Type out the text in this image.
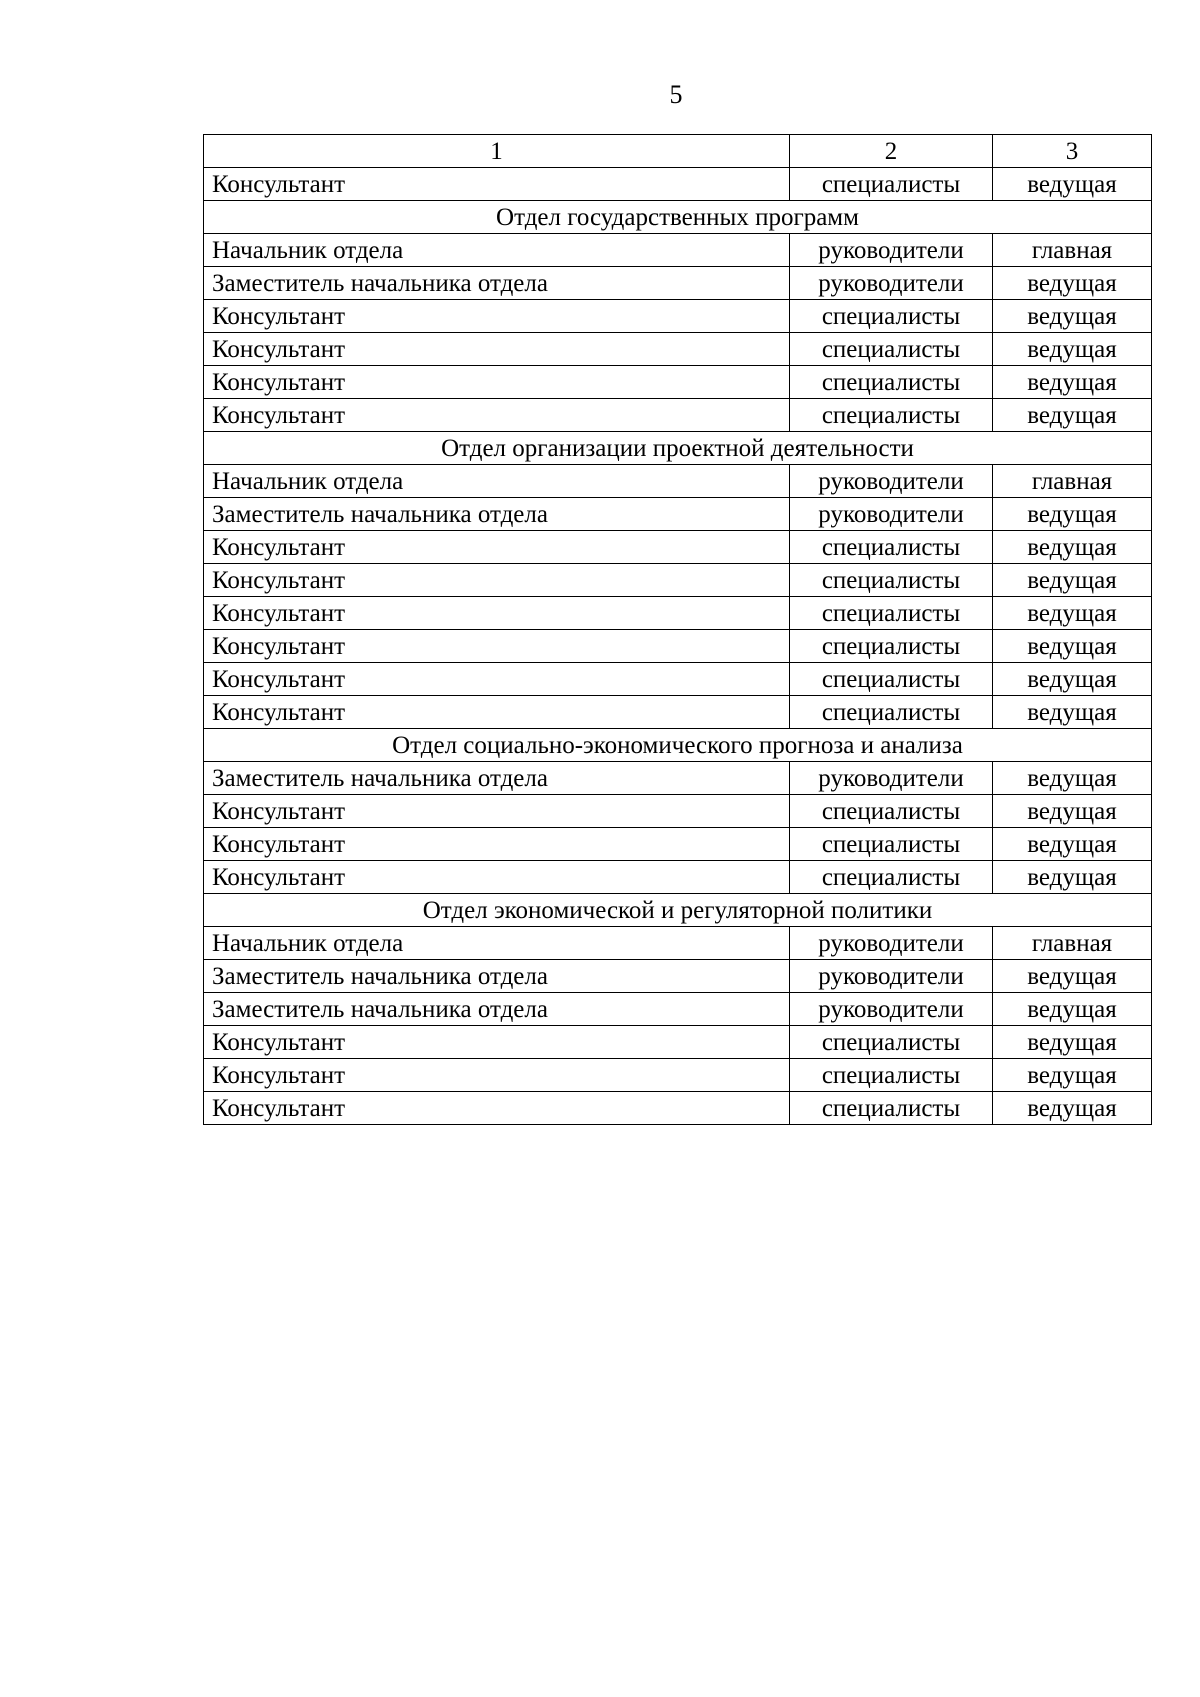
5
1	2	3
Консультант	специалисты	ведущая
Отдел государственных программ		
Начальник отдела	руководители	главная
Заместитель начальника отдела	руководители	ведущая
Консультант	специалисты	ведущая
Консультант	специалисты	ведущая
Консультант	специалисты	ведущая
Консультант	специалисты	ведущая
Отдел организации проектной деятельности		
Начальник отдела	руководители	главная
Заместитель начальника отдела	руководители	ведущая
Консультант	специалисты	ведущая
Консультант	специалисты	ведущая
Консультант	специалисты	ведущая
Консультант	специалисты	ведущая
Консультант	специалисты	ведущая
Консультант	специалисты	ведущая
Отдел социально-экономического прогноза и анализа		
Заместитель начальника отдела	руководители	ведущая
Консультант	специалисты	ведущая
Консультант	специалисты	ведущая
Консультант	специалисты	ведущая
Отдел экономической и регуляторной политики		
Начальник отдела	руководители	главная
Заместитель начальника отдела	руководители	ведущая
Заместитель начальника отдела	руководители	ведущая
Консультант	специалисты	ведущая
Консультант	специалисты	ведущая
Консультант	специалисты	ведущая
